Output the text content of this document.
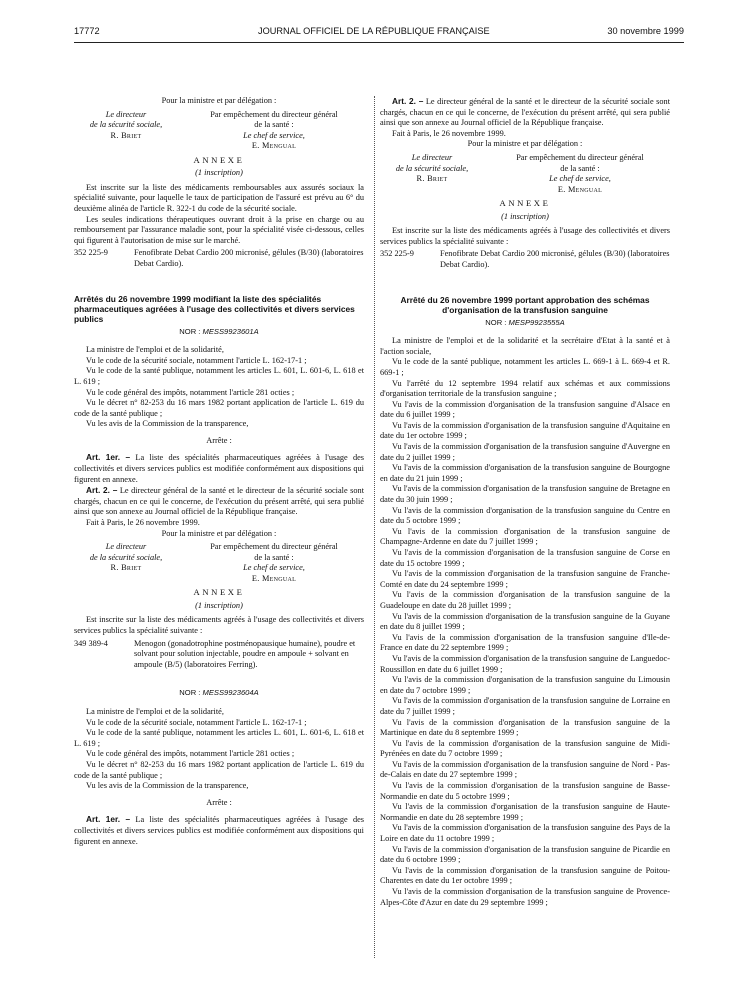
17772	JOURNAL OFFICIEL DE LA RÉPUBLIQUE FRANÇAISE	30 novembre 1999

Pour la ministre et par délégation :

Le directeur

de la sécurité sociale,

R. Briet

Par empêchement du directeur général

de la santé :

Le chef de service,

E. Mengual

ANNEXE

(1 inscription)

Est inscrite sur la liste des médicaments remboursables aux assurés sociaux la spécialité suivante, pour laquelle le taux de participation de l'assuré est prévu au 6° du deuxième alinéa de l'article R. 322-1 du code de la sécurité sociale.

Les seules indications thérapeutiques ouvrant droit à la prise en charge ou au remboursement par l'assurance maladie sont, pour la spécialité visée ci-dessous, celles qui figurent à l'autorisation de mise sur le marché.

352 225-9	Fenofibrate Debat Cardio 200 micronisé, gélules (B/30) (laboratoires Debat Cardio).

Arrêtés du 26 novembre 1999 modifiant la liste des spécialités pharmaceutiques agréées à l'usage des collectivités et divers services publics

NOR : MESS9923601A

La ministre de l'emploi et de la solidarité,

Vu le code de la sécurité sociale, notamment l'article L. 162-17-1 ;

Vu le code de la santé publique, notamment les articles L. 601, L. 601-6, L. 618 et L. 619 ;

Vu le code général des impôts, notamment l'article 281 octies ;

Vu le décret n° 82-253 du 16 mars 1982 portant application de l'article L. 619 du code de la santé publique ;

Vu les avis de la Commission de la transparence,

Arrête :

Art. 1er. – La liste des spécialités pharmaceutiques agréées à l'usage des collectivités et divers services publics est modifiée conformément aux dispositions qui figurent en annexe.

Art. 2. – Le directeur général de la santé et le directeur de la sécurité sociale sont chargés, chacun en ce qui le concerne, de l'exécution du présent arrêté, qui sera publié ainsi que son annexe au Journal officiel de la République française.

Fait à Paris, le 26 novembre 1999.

Pour la ministre et par délégation :

Le directeur

de la sécurité sociale,

R. Briet

Par empêchement du directeur général

de la santé :

Le chef de service,

E. Mengual

ANNEXE

(1 inscription)

Est inscrite sur la liste des médicaments agréés à l'usage des collectivités et divers services publics la spécialité suivante :

349 389-4	Menogon (gonadotrophine postménopausique humaine), poudre et solvant pour solution injectable, poudre en ampoule + solvant en ampoule (B/5) (laboratoires Ferring).

NOR : MESS9923604A

La ministre de l'emploi et de la solidarité,

Vu le code de la sécurité sociale, notamment l'article L. 162-17-1 ;

Vu le code de la santé publique, notamment les articles L. 601, L. 601-6, L. 618 et L. 619 ;

Vu le code général des impôts, notamment l'article 281 octies ;

Vu le décret n° 82-253 du 16 mars 1982 portant application de l'article L. 619 du code de la santé publique ;

Vu les avis de la Commission de la transparence,

Arrête :

Art. 1er. – La liste des spécialités pharmaceutiques agréées à l'usage des collectivités et divers services publics est modifiée conformément aux dispositions qui figurent en annexe.

Art. 2. – Le directeur général de la santé et le directeur de la sécurité sociale sont chargés, chacun en ce qui le concerne, de l'exécution du présent arrêté, qui sera publié ainsi que son annexe au Journal officiel de la République française.

Fait à Paris, le 26 novembre 1999.

Pour la ministre et par délégation :

Le directeur

de la sécurité sociale,

R. Briet

Par empêchement du directeur général

de la santé :

Le chef de service,

E. Mengual

ANNEXE

(1 inscription)

Est inscrite sur la liste des médicaments agréés à l'usage des collectivités et divers services publics la spécialité suivante :

352 225-9	Fenofibrate Debat Cardio 200 micronisé, gélules (B/30) (laboratoires Debat Cardio).

Arrêté du 26 novembre 1999 portant approbation des schémas d'organisation de la transfusion sanguine

NOR : MESP9923555A

La ministre de l'emploi et de la solidarité et la secrétaire d'Etat à la santé et à l'action sociale,

Vu le code de la santé publique, notamment les articles L. 669-1 à L. 669-4 et R. 669-1 ;

Vu l'arrêté du 12 septembre 1994 relatif aux schémas et aux commissions d'organisation territoriale de la transfusion sanguine ;

Vu l'avis de la commission d'organisation de la transfusion sanguine d'Alsace en date du 6 juillet 1999 ;

Vu l'avis de la commission d'organisation de la transfusion sanguine d'Aquitaine en date du 1er octobre 1999 ;

Vu l'avis de la commission d'organisation de la transfusion sanguine d'Auvergne en date du 2 juillet 1999 ;

Vu l'avis de la commission d'organisation de la transfusion sanguine de Bourgogne en date du 21 juin 1999 ;

Vu l'avis de la commission d'organisation de la transfusion sanguine de Bretagne en date du 30 juin 1999 ;

Vu l'avis de la commission d'organisation de la transfusion sanguine du Centre en date du 5 octobre 1999 ;

Vu l'avis de la commission d'organisation de la transfusion sanguine de Champagne-Ardenne en date du 7 juillet 1999 ;

Vu l'avis de la commission d'organisation de la transfusion sanguine de Corse en date du 15 octobre 1999 ;

Vu l'avis de la commission d'organisation de la transfusion sanguine de Franche-Comté en date du 24 septembre 1999 ;

Vu l'avis de la commission d'organisation de la transfusion sanguine de la Guadeloupe en date du 28 juillet 1999 ;

Vu l'avis de la commission d'organisation de la transfusion sanguine de la Guyane en date du 8 juillet 1999 ;

Vu l'avis de la commission d'organisation de la transfusion sanguine d'Ile-de-France en date du 22 septembre 1999 ;

Vu l'avis de la commission d'organisation de la transfusion sanguine de Languedoc-Roussillon en date du 6 juillet 1999 ;

Vu l'avis de la commission d'organisation de la transfusion sanguine du Limousin en date du 7 octobre 1999 ;

Vu l'avis de la commission d'organisation de la transfusion sanguine de Lorraine en date du 7 juillet 1999 ;

Vu l'avis de la commission d'organisation de la transfusion sanguine de la Martinique en date du 8 septembre 1999 ;

Vu l'avis de la commission d'organisation de la transfusion sanguine de Midi-Pyrénées en date du 7 octobre 1999 ;

Vu l'avis de la commission d'organisation de la transfusion sanguine de Nord - Pas-de-Calais en date du 27 septembre 1999 ;

Vu l'avis de la commission d'organisation de la transfusion sanguine de Basse-Normandie en date du 5 octobre 1999 ;

Vu l'avis de la commission d'organisation de la transfusion sanguine de Haute-Normandie en date du 28 septembre 1999 ;

Vu l'avis de la commission d'organisation de la transfusion sanguine des Pays de la Loire en date du 11 octobre 1999 ;

Vu l'avis de la commission d'organisation de la transfusion sanguine de Picardie en date du 6 octobre 1999 ;

Vu l'avis de la commission d'organisation de la transfusion sanguine de Poitou-Charentes en date du 1er octobre 1999 ;

Vu l'avis de la commission d'organisation de la transfusion sanguine de Provence-Alpes-Côte d'Azur en date du 29 septembre 1999 ;
